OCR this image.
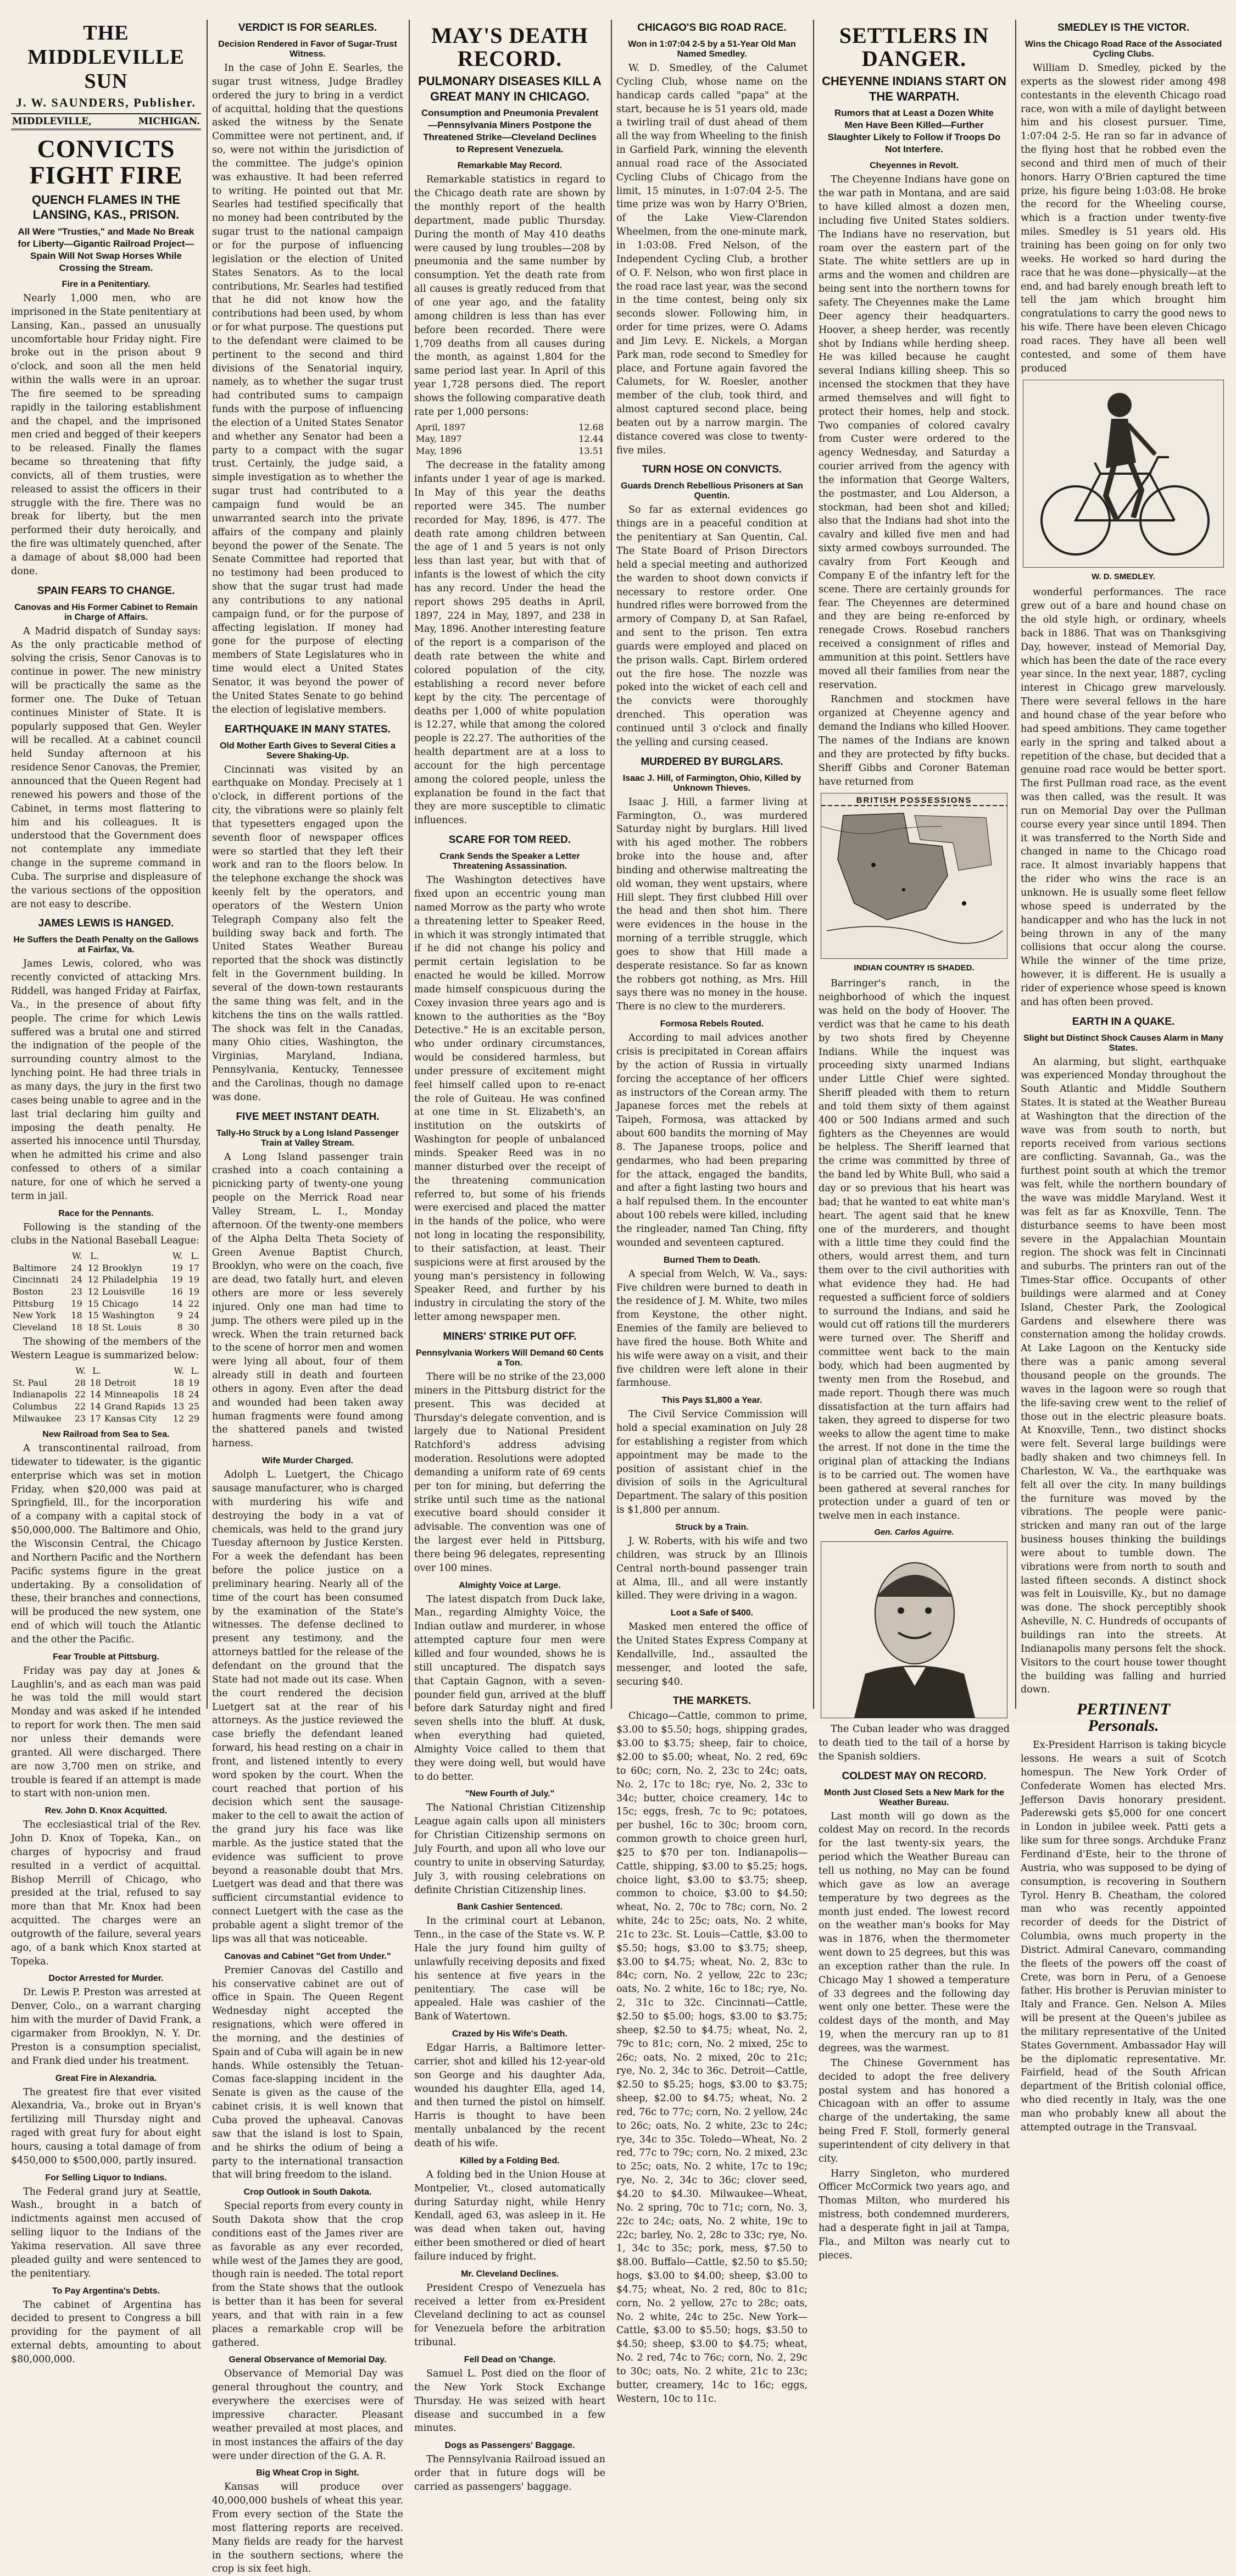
THE MIDDLEVILLE SUN
J. W. SAUNDERS, Publisher.
MIDDLEVILLE,	MICHIGAN.
CONVICTS FIGHT FIRE
QUENCH FLAMES IN THE LANSING, KAS., PRISON.
All Were "Trusties," and Made No Break for Liberty—Gigantic Railroad Project—Spain Will Not Swap Horses While Crossing the Stream.
Fire in a Penitentiary.

Nearly 1,000 men, who are imprisoned in the State penitentiary at Lansing, Kan., passed an unusually uncomfortable hour Friday night. Fire broke out in the prison about 9 o'clock, and soon all the men held within the walls were in an uproar. The fire seemed to be spreading rapidly in the tailoring establishment and the chapel, and the imprisoned men cried and begged of their keepers to be released. Finally the flames became so threatening that fifty convicts, all of them trusties, were released to assist the officers in their struggle with the fire. There was no break for liberty, but the men performed their duty heroically, and the fire was ultimately quenched, after a damage of about $8,000 had been done.

SPAIN FEARS TO CHANGE.
Canovas and His Former Cabinet to Remain in Charge of Affairs.

A Madrid dispatch of Sunday says: As the only practicable method of solving the crisis, Senor Canovas is to continue in power. The new ministry will be practically the same as the former one. The Duke of Tetuan continues Minister of State. It is popularly supposed that Gen. Weyler will be recalled. At a cabinet council held Sunday afternoon at his residence Senor Canovas, the Premier, announced that the Queen Regent had renewed his powers and those of the Cabinet, in terms most flattering to him and his colleagues. It is understood that the Government does not contemplate any immediate change in the supreme command in Cuba. The surprise and displeasure of the various sections of the opposition are not easy to describe.

JAMES LEWIS IS HANGED.
He Suffers the Death Penalty on the Gallows at Fairfax, Va.

James Lewis, colored, who was recently convicted of attacking Mrs. Riddell, was hanged Friday at Fairfax, Va., in the presence of about fifty people. The crime for which Lewis suffered was a brutal one and stirred the indignation of the people of the surrounding country almost to the lynching point. He had three trials in as many days, the jury in the first two cases being unable to agree and in the last trial declaring him guilty and imposing the death penalty. He asserted his innocence until Thursday, when he admitted his crime and also confessed to others of a similar nature, for one of which he served a term in jail.

Race for the Pennants.

Following is the standing of the clubs in the National Baseball League:

	W.	L.		W.	L.
Baltimore	24	12	Brooklyn	19	17
Cincinnati	24	12	Philadelphia	19	19
Boston	23	12	Louisville	16	19
Pittsburg	19	15	Chicago	14	22
New York	18	15	Washington	9	24
Cleveland	18	18	St. Louis	8	30

The showing of the members of the Western League is summarized below:

	W.	L.		W.	L.
St. Paul	28	18	Detroit	18	19
Indianapolis	22	14	Minneapolis	18	24
Columbus	22	14	Grand Rapids	13	25
Milwaukee	23	17	Kansas City	12	29
New Railroad from Sea to Sea.

A transcontinental railroad, from tidewater to tidewater, is the gigantic enterprise which was set in motion Friday, when $20,000 was paid at Springfield, Ill., for the incorporation of a company with a capital stock of $50,000,000. The Baltimore and Ohio, the Wisconsin Central, the Chicago and Northern Pacific and the Northern Pacific systems figure in the great undertaking. By a consolidation of these, their branches and connections, will be produced the new system, one end of which will touch the Atlantic and the other the Pacific.

Fear Trouble at Pittsburg.

Friday was pay day at Jones & Laughlin's, and as each man was paid he was told the mill would start Monday and was asked if he intended to report for work then. The men said nor unless their demands were granted. All were discharged. There are now 3,700 men on strike, and trouble is feared if an attempt is made to start with non-union men.

Rev. John D. Knox Acquitted.

The ecclesiastical trial of the Rev. John D. Knox of Topeka, Kan., on charges of hypocrisy and fraud resulted in a verdict of acquittal. Bishop Merrill of Chicago, who presided at the trial, refused to say more than that Mr. Knox had been acquitted. The charges were an outgrowth of the failure, several years ago, of a bank which Knox started at Topeka.

Doctor Arrested for Murder.

Dr. Lewis P. Preston was arrested at Denver, Colo., on a warrant charging him with the murder of David Frank, a cigarmaker from Brooklyn, N. Y. Dr. Preston is a consumption specialist, and Frank died under his treatment.

Great Fire in Alexandria.

The greatest fire that ever visited Alexandria, Va., broke out in Bryan's fertilizing mill Thursday night and raged with great fury for about eight hours, causing a total damage of from $450,000 to $500,000, partly insured.

For Selling Liquor to Indians.

The Federal grand jury at Seattle, Wash., brought in a batch of indictments against men accused of selling liquor to the Indians of the Yakima reservation. All save three pleaded guilty and were sentenced to the penitentiary.

To Pay Argentina's Debts.

The cabinet of Argentina has decided to present to Congress a bill providing for the payment of all external debts, amounting to about $80,000,000.

VERDICT IS FOR SEARLES.
Decision Rendered in Favor of Sugar-Trust Witness.

In the case of John E. Searles, the sugar trust witness, Judge Bradley ordered the jury to bring in a verdict of acquittal, holding that the questions asked the witness by the Senate Committee were not pertinent, and, if so, were not within the jurisdiction of the committee. The judge's opinion was exhaustive. It had been referred to writing. He pointed out that Mr. Searles had testified specifically that no money had been contributed by the sugar trust to the national campaign or for the purpose of influencing legislation or the election of United States Senators. As to the local contributions, Mr. Searles had testified that he did not know how the contributions had been used, by whom or for what purpose. The questions put to the defendant were claimed to be pertinent to the second and third divisions of the Senatorial inquiry, namely, as to whether the sugar trust had contributed sums to campaign funds with the purpose of influencing the election of a United States Senator and whether any Senator had been a party to a compact with the sugar trust. Certainly, the judge said, a simple investigation as to whether the sugar trust had contributed to a campaign fund would be an unwarranted search into the private affairs of the company and plainly beyond the power of the Senate. The Senate Committee had reported that no testimony had been produced to show that the sugar trust had made any contributions to any national campaign fund, or for the purpose of affecting legislation. If money had gone for the purpose of electing members of State Legislatures who in time would elect a United States Senator, it was beyond the power of the United States Senate to go behind the election of legislative members.

EARTHQUAKE IN MANY STATES.
Old Mother Earth Gives to Several Cities a Severe Shaking-Up.

Cincinnati was visited by an earthquake on Monday. Precisely at 1 o'clock, in different portions of the city, the vibrations were so plainly felt that typesetters engaged upon the seventh floor of newspaper offices were so startled that they left their work and ran to the floors below. In the telephone exchange the shock was keenly felt by the operators, and operators of the Western Union Telegraph Company also felt the building sway back and forth. The United States Weather Bureau reported that the shock was distinctly felt in the Government building. In several of the down-town restaurants the same thing was felt, and in the kitchens the tins on the walls rattled. The shock was felt in the Canadas, many Ohio cities, Washington, the Virginias, Maryland, Indiana, Pennsylvania, Kentucky, Tennessee and the Carolinas, though no damage was done.

FIVE MEET INSTANT DEATH.
Tally-Ho Struck by a Long Island Passenger Train at Valley Stream.

A Long Island passenger train crashed into a coach containing a picnicking party of twenty-one young people on the Merrick Road near Valley Stream, L. I., Monday afternoon. Of the twenty-one members of the Alpha Delta Theta Society of Green Avenue Baptist Church, Brooklyn, who were on the coach, five are dead, two fatally hurt, and eleven others are more or less severely injured. Only one man had time to jump. The others were piled up in the wreck. When the train returned back to the scene of horror men and women were lying all about, four of them already still in death and fourteen others in agony. Even after the dead and wounded had been taken away human fragments were found among the shattered panels and twisted harness.

Wife Murder Charged.

Adolph L. Luetgert, the Chicago sausage manufacturer, who is charged with murdering his wife and destroying the body in a vat of chemicals, was held to the grand jury Tuesday afternoon by Justice Kersten. For a week the defendant has been before the police justice on a preliminary hearing. Nearly all of the time of the court has been consumed by the examination of the State's witnesses. The defense declined to present any testimony, and the attorneys battled for the release of the defendant on the ground that the State had not made out its case. When the court rendered the decision Luetgert sat at the rear of his attorneys. As the justice reviewed the case briefly the defendant leaned forward, his head resting on a chair in front, and listened intently to every word spoken by the court. When the court reached that portion of his decision which sent the sausage-maker to the cell to await the action of the grand jury his face was like marble. As the justice stated that the evidence was sufficient to prove beyond a reasonable doubt that Mrs. Luetgert was dead and that there was sufficient circumstantial evidence to connect Luetgert with the case as the probable agent a slight tremor of the lips was all that was noticeable.

Canovas and Cabinet "Get from Under."

Premier Canovas del Castillo and his conservative cabinet are out of office in Spain. The Queen Regent Wednesday night accepted the resignations, which were offered in the morning, and the destinies of Spain and of Cuba will again be in new hands. While ostensibly the Tetuan-Comas face-slapping incident in the Senate is given as the cause of the cabinet crisis, it is well known that Cuba proved the upheaval. Canovas saw that the island is lost to Spain, and he shirks the odium of being a party to the international transaction that will bring freedom to the island.

Crop Outlook in South Dakota.

Special reports from every county in South Dakota show that the crop conditions east of the James river are as favorable as any ever recorded, while west of the James they are good, though rain is needed. The total report from the State shows that the outlook is better than it has been for several years, and that with rain in a few places a remarkable crop will be gathered.

General Observance of Memorial Day.

Observance of Memorial Day was general throughout the country, and everywhere the exercises were of impressive character. Pleasant weather prevailed at most places, and in most instances the affairs of the day were under direction of the G. A. R.

Big Wheat Crop in Sight.

Kansas will produce over 40,000,000 bushels of wheat this year. From every section of the State the most flattering reports are received. Many fields are ready for the harvest in the southern sections, where the crop is six feet high.

MAY'S DEATH RECORD.
PULMONARY DISEASES KILL A GREAT MANY IN CHICAGO.
Consumption and Pneumonia Prevalent—Pennsylvania Miners Postpone the Threatened Strike—Cleveland Declines to Represent Venezuela.
Remarkable May Record.

Remarkable statistics in regard to the Chicago death rate are shown by the monthly report of the health department, made public Thursday. During the month of May 410 deaths were caused by lung troubles—208 by pneumonia and the same number by consumption. Yet the death rate from all causes is greatly reduced from that of one year ago, and the fatality among children is less than has ever before been recorded. There were 1,709 deaths from all causes during the month, as against 1,804 for the same period last year. In April of this year 1,728 persons died. The report shows the following comparative death rate per 1,000 persons:

April, 1897	12.68
May, 1897	12.44
May, 1896	13.51

The decrease in the fatality among infants under 1 year of age is marked. In May of this year the deaths reported were 345. The number recorded for May, 1896, is 477. The death rate among children between the age of 1 and 5 years is not only less than last year, but with that of infants is the lowest of which the city has any record. Under the head the report shows 295 deaths in April, 1897, 224 in May, 1897, and 238 in May, 1896. Another interesting feature of the report is a comparison of the death rate between the white and colored population of the city, establishing a record never before kept by the city. The percentage of deaths per 1,000 of white population is 12.27, while that among the colored people is 22.27. The authorities of the health department are at a loss to account for the high percentage among the colored people, unless the explanation be found in the fact that they are more susceptible to climatic influences.

SCARE FOR TOM REED.
Crank Sends the Speaker a Letter Threatening Assassination.

The Washington detectives have fixed upon an eccentric young man named Morrow as the party who wrote a threatening letter to Speaker Reed, in which it was strongly intimated that if he did not change his policy and permit certain legislation to be enacted he would be killed. Morrow made himself conspicuous during the Coxey invasion three years ago and is known to the authorities as the "Boy Detective." He is an excitable person, who under ordinary circumstances, would be considered harmless, but under pressure of excitement might feel himself called upon to re-enact the role of Guiteau. He was confined at one time in St. Elizabeth's, an institution on the outskirts of Washington for people of unbalanced minds. Speaker Reed was in no manner disturbed over the receipt of the threatening communication referred to, but some of his friends were exercised and placed the matter in the hands of the police, who were not long in locating the responsibility, to their satisfaction, at least. Their suspicions were at first aroused by the young man's persistency in following Speaker Reed, and further by his industry in circulating the story of the letter among newspaper men.

MINERS' STRIKE PUT OFF.
Pennsylvania Workers Will Demand 60 Cents a Ton.

There will be no strike of the 23,000 miners in the Pittsburg district for the present. This was decided at Thursday's delegate convention, and is largely due to National President Ratchford's address advising moderation. Resolutions were adopted demanding a uniform rate of 69 cents per ton for mining, but deferring the strike until such time as the national executive board should consider it advisable. The convention was one of the largest ever held in Pittsburg, there being 96 delegates, representing over 100 mines.

Almighty Voice at Large.

The latest dispatch from Duck lake, Man., regarding Almighty Voice, the Indian outlaw and murderer, in whose attempted capture four men were killed and four wounded, shows he is still uncaptured. The dispatch says that Captain Gagnon, with a seven-pounder field gun, arrived at the bluff before dark Saturday night and fired seven shells into the bluff. At dusk, when everything had quieted, Almighty Voice called to them that they were doing well, but would have to do better.

"New Fourth of July."

The National Christian Citizenship League again calls upon all ministers for Christian Citizenship sermons on July Fourth, and upon all who love our country to unite in observing Saturday, July 3, with rousing celebrations on definite Christian Citizenship lines.

Bank Cashier Sentenced.

In the criminal court at Lebanon, Tenn., in the case of the State vs. W. P. Hale the jury found him guilty of unlawfully receiving deposits and fixed his sentence at five years in the penitentiary. The case will be appealed. Hale was cashier of the Bank of Watertown.

Crazed by His Wife's Death.

Edgar Harris, a Baltimore letter-carrier, shot and killed his 12-year-old son George and his daughter Ada, wounded his daughter Ella, aged 14, and then turned the pistol on himself. Harris is thought to have been mentally unbalanced by the recent death of his wife.

Killed by a Folding Bed.

A folding bed in the Union House at Montpelier, Vt., closed automatically during Saturday night, while Henry Kendall, aged 63, was asleep in it. He was dead when taken out, having either been smothered or died of heart failure induced by fright.

Mr. Cleveland Declines.

President Crespo of Venezuela has received a letter from ex-President Cleveland declining to act as counsel for Venezuela before the arbitration tribunal.

Fell Dead on 'Change.

Samuel L. Post died on the floor of the New York Stock Exchange Thursday. He was seized with heart disease and succumbed in a few minutes.

Dogs as Passengers' Baggage.

The Pennsylvania Railroad issued an order that in future dogs will be carried as passengers' baggage.

CHICAGO'S BIG ROAD RACE.
Won in 1:07:04 2-5 by a 51-Year Old Man Named Smedley.

W. D. Smedley, of the Calumet Cycling Club, whose name on the handicap cards called "papa" at the start, because he is 51 years old, made a twirling trail of dust ahead of them all the way from Wheeling to the finish in Garfield Park, winning the eleventh annual road race of the Associated Cycling Clubs of Chicago from the limit, 15 minutes, in 1:07:04 2-5. The time prize was won by Harry O'Brien, of the Lake View-Clarendon Wheelmen, from the one-minute mark, in 1:03:08. Fred Nelson, of the Independent Cycling Club, a brother of O. F. Nelson, who won first place in the road race last year, was the second in the time contest, being only six seconds slower. Following him, in order for time prizes, were O. Adams and Jim Levy. E. Nickels, a Morgan Park man, rode second to Smedley for place, and Fortune again favored the Calumets, for W. Roesler, another member of the club, took third, and almost captured second place, being beaten out by a narrow margin. The distance covered was close to twenty-five miles.

TURN HOSE ON CONVICTS.
Guards Drench Rebellious Prisoners at San Quentin.

So far as external evidences go things are in a peaceful condition at the penitentiary at San Quentin, Cal. The State Board of Prison Directors held a special meeting and authorized the warden to shoot down convicts if necessary to restore order. One hundred rifles were borrowed from the armory of Company D, at San Rafael, and sent to the prison. Ten extra guards were employed and placed on the prison walls. Capt. Birlem ordered out the fire hose. The nozzle was poked into the wicket of each cell and the convicts were thoroughly drenched. This operation was continued until 3 o'clock and finally the yelling and cursing ceased.

MURDERED BY BURGLARS.
Isaac J. Hill, of Farmington, Ohio, Killed by Unknown Thieves.

Isaac J. Hill, a farmer living at Farmington, O., was murdered Saturday night by burglars. Hill lived with his aged mother. The robbers broke into the house and, after binding and otherwise maltreating the old woman, they went upstairs, where Hill slept. They first clubbed Hill over the head and then shot him. There were evidences in the house in the morning of a terrible struggle, which goes to show that Hill made a desperate resistance. So far as known the robbers got nothing, as Mrs. Hill says there was no money in the house. There is no clew to the murderers.

Formosa Rebels Routed.

According to mail advices another crisis is precipitated in Corean affairs by the action of Russia in virtually forcing the acceptance of her officers as instructors of the Corean army. The Japanese forces met the rebels at Taipeh, Formosa, was attacked by about 600 bandits the morning of May 8. The Japanese troops, police and gendarmes, who had been preparing for the attack, engaged the bandits, and after a fight lasting two hours and a half repulsed them. In the encounter about 100 rebels were killed, including the ringleader, named Tan Ching, fifty wounded and seventeen captured.

Burned Them to Death.

A special from Welch, W. Va., says: Five children were burned to death in the residence of J. M. White, two miles from Keystone, the other night. Enemies of the family are believed to have fired the house. Both White and his wife were away on a visit, and their five children were left alone in their farmhouse.

This Pays $1,800 a Year.

The Civil Service Commission will hold a special examination on July 28 for establishing a register from which appointment may be made to the position of assistant chief in the division of soils in the Agricultural Department. The salary of this position is $1,800 per annum.

Struck by a Train.

J. W. Roberts, with his wife and two children, was struck by an Illinois Central north-bound passenger train at Alma, Ill., and all were instantly killed. They were driving in a wagon.

Loot a Safe of $400.

Masked men entered the office of the United States Express Company at Kendallville, Ind., assaulted the messenger, and looted the safe, securing $40.

THE MARKETS.

Chicago—Cattle, common to prime, $3.00 to $5.50; hogs, shipping grades, $3.00 to $3.75; sheep, fair to choice, $2.00 to $5.00; wheat, No. 2 red, 69c to 60c; corn, No. 2, 23c to 24c; oats, No. 2, 17c to 18c; rye, No. 2, 33c to 34c; butter, choice creamery, 14c to 15c; eggs, fresh, 7c to 9c; potatoes, per bushel, 16c to 30c; broom corn, common growth to choice green hurl, $25 to $70 per ton. Indianapolis—Cattle, shipping, $3.00 to $5.25; hogs, choice light, $3.00 to $3.75; sheep, common to choice, $3.00 to $4.50; wheat, No. 2, 70c to 78c; corn, No. 2 white, 24c to 25c; oats, No. 2 white, 21c to 23c. St. Louis—Cattle, $3.00 to $5.50; hogs, $3.00 to $3.75; sheep, $3.00 to $4.75; wheat, No. 2, 83c to 84c; corn, No. 2 yellow, 22c to 23c; oats, No. 2 white, 16c to 18c; rye, No. 2, 31c to 32c. Cincinnati—Cattle, $2.50 to $5.00; hogs, $3.00 to $3.75; sheep, $2.50 to $4.75; wheat, No. 2, 79c to 81c; corn, No. 2 mixed, 25c to 26c; oats, No. 2 mixed, 20c to 21c; rye, No. 2, 34c to 36c. Detroit—Cattle, $2.50 to $5.25; hogs, $3.00 to $3.75; sheep, $2.00 to $4.75; wheat, No. 2 red, 76c to 77c; corn, No. 2 yellow, 24c to 26c; oats, No. 2 white, 23c to 24c; rye, 34c to 35c. Toledo—Wheat, No. 2 red, 77c to 79c; corn, No. 2 mixed, 23c to 25c; oats, No. 2 white, 17c to 19c; rye, No. 2, 34c to 36c; clover seed, $4.20 to $4.30. Milwaukee—Wheat, No. 2 spring, 70c to 71c; corn, No. 3, 22c to 24c; oats, No. 2 white, 19c to 22c; barley, No. 2, 28c to 33c; rye, No. 1, 34c to 35c; pork, mess, $7.50 to $8.00. Buffalo—Cattle, $2.50 to $5.50; hogs, $3.00 to $4.00; sheep, $3.00 to $4.75; wheat, No. 2 red, 80c to 81c; corn, No. 2 yellow, 27c to 28c; oats, No. 2 white, 24c to 25c. New York—Cattle, $3.00 to $5.50; hogs, $3.50 to $4.50; sheep, $3.00 to $4.75; wheat, No. 2 red, 74c to 76c; corn, No. 2, 29c to 30c; oats, No. 2 white, 21c to 23c; butter, creamery, 14c to 16c; eggs, Western, 10c to 11c.

SETTLERS IN DANGER.
CHEYENNE INDIANS START ON THE WARPATH.
Rumors that at Least a Dozen White Men Have Been Killed—Further Slaughter Likely to Follow if Troops Do Not Interfere.
Cheyennes in Revolt.

The Cheyenne Indians have gone on the war path in Montana, and are said to have killed almost a dozen men, including five United States soldiers. The Indians have no reservation, but roam over the eastern part of the State. The white settlers are up in arms and the women and children are being sent into the northern towns for safety. The Cheyennes make the Lame Deer agency their headquarters. Hoover, a sheep herder, was recently shot by Indians while herding sheep. He was killed because he caught several Indians killing sheep. This so incensed the stockmen that they have armed themselves and will fight to protect their homes, help and stock. Two companies of colored cavalry from Custer were ordered to the agency Wednesday, and Saturday a courier arrived from the agency with the information that George Walters, the postmaster, and Lou Alderson, a stockman, had been shot and killed; also that the Indians had shot into the cavalry and killed five men and had sixty armed cowboys surrounded. The cavalry from Fort Keough and Company E of the infantry left for the scene. There are certainly grounds for fear. The Cheyennes are determined and they are being re-enforced by renegade Crows. Rosebud ranchers received a consignment of rifles and ammunition at this point. Settlers have moved all their families from near the reservation.

Ranchmen and stockmen have organized at Cheyenne agency and demand the Indians who killed Hoover. The names of the Indians are known and they are protected by fifty bucks. Sheriff Gibbs and Coroner Bateman have returned from

BRITISH POSSESSIONS
INDIAN COUNTRY IS SHADED.

Barringer's ranch, in the neighborhood of which the inquest was held on the body of Hoover. The verdict was that he came to his death by two shots fired by Cheyenne Indians. While the inquest was proceeding sixty unarmed Indians under Little Chief were sighted. Sheriff pleaded with them to return and told them sixty of them against 400 or 500 Indians armed and such fighters as the Cheyennes are would be helpless. The Sheriff learned that the crime was committed by three of the band led by White Bull, who said a day or so previous that his heart was bad; that he wanted to eat white man's heart. The agent said that he knew one of the murderers, and thought with a little time they could find the others, would arrest them, and turn them over to the civil authorities with what evidence they had. He had requested a sufficient force of soldiers to surround the Indians, and said he would cut off rations till the murderers were turned over. The Sheriff and committee went back to the main body, which had been augmented by twenty men from the Rosebud, and made report. Though there was much dissatisfaction at the turn affairs had taken, they agreed to disperse for two weeks to allow the agent time to make the arrest. If not done in the time the original plan of attacking the Indians is to be carried out. The women have been gathered at several ranches for protection under a guard of ten or twelve men in each instance.

Gen. Carlos Aguirre.

The Cuban leader who was dragged to death tied to the tail of a horse by the Spanish soldiers.

COLDEST MAY ON RECORD.
Month Just Closed Sets a New Mark for the Weather Bureau.

Last month will go down as the coldest May on record. In the records for the last twenty-six years, the period which the Weather Bureau can tell us nothing, no May can be found which gave as low an average temperature by two degrees as the month just ended. The lowest record on the weather man's books for May was in 1876, when the thermometer went down to 25 degrees, but this was an exception rather than the rule. In Chicago May 1 showed a temperature of 33 degrees and the following day went only one better. These were the coldest days of the month, and May 19, when the mercury ran up to 81 degrees, was the warmest.

The Chinese Government has decided to adopt the free delivery postal system and has honored a Chicagoan with an offer to assume charge of the undertaking, the same being Fred F. Stoll, formerly general superintendent of city delivery in that city.

Harry Singleton, who murdered Officer McCormick two years ago, and Thomas Milton, who murdered his mistress, both condemned murderers, had a desperate fight in jail at Tampa, Fla., and Milton was nearly cut to pieces.

SMEDLEY IS THE VICTOR.
Wins the Chicago Road Race of the Associated Cycling Clubs.

William D. Smedley, picked by the experts as the slowest rider among 498 contestants in the eleventh Chicago road race, won with a mile of daylight between him and his closest pursuer. Time, 1:07:04 2-5. He ran so far in advance of the flying host that he robbed even the second and third men of much of their honors. Harry O'Brien captured the time prize, his figure being 1:03:08. He broke the record for the Wheeling course, which is a fraction under twenty-five miles. Smedley is 51 years old. His training has been going on for only two weeks. He worked so hard during the race that he was done—physically—at the end, and had barely enough breath left to tell the jam which brought him congratulations to carry the good news to his wife. There have been eleven Chicago road races. They have all been well contested, and some of them have produced

W. D. SMEDLEY.

wonderful performances. The race grew out of a bare and hound chase on the old style high, or ordinary, wheels back in 1886. That was on Thanksgiving Day, however, instead of Memorial Day, which has been the date of the race every year since. In the next year, 1887, cycling interest in Chicago grew marvelously. There were several fellows in the hare and hound chase of the year before who had speed ambitions. They came together early in the spring and talked about a repetition of the chase, but decided that a genuine road race would be better sport. The first Pullman road race, as the event was then called, was the result. It was run on Memorial Day over the Pullman course every year since until 1894. Then it was transferred to the North Side and changed in name to the Chicago road race. It almost invariably happens that the rider who wins the race is an unknown. He is usually some fleet fellow whose speed is underrated by the handicapper and who has the luck in not being thrown in any of the many collisions that occur along the course. While the winner of the time prize, however, it is different. He is usually a rider of experience whose speed is known and has often been proved.

EARTH IN A QUAKE.
Slight but Distinct Shock Causes Alarm in Many States.

An alarming, but slight, earthquake was experienced Monday throughout the South Atlantic and Middle Southern States. It is stated at the Weather Bureau at Washington that the direction of the wave was from south to north, but reports received from various sections are conflicting. Savannah, Ga., was the furthest point south at which the tremor was felt, while the northern boundary of the wave was middle Maryland. West it was felt as far as Knoxville, Tenn. The disturbance seems to have been most severe in the Appalachian Mountain region. The shock was felt in Cincinnati and suburbs. The printers ran out of the Times-Star office. Occupants of other buildings were alarmed and at Coney Island, Chester Park, the Zoological Gardens and elsewhere there was consternation among the holiday crowds. At Lake Lagoon on the Kentucky side there was a panic among several thousand people on the grounds. The waves in the lagoon were so rough that the life-saving crew went to the relief of those out in the electric pleasure boats. At Knoxville, Tenn., two distinct shocks were felt. Several large buildings were badly shaken and two chimneys fell. In Charleston, W. Va., the earthquake was felt all over the city. In many buildings the furniture was moved by the vibrations. The people were panic-stricken and many ran out of the large business houses thinking the buildings were about to tumble down. The vibrations were from north to south and lasted fifteen seconds. A distinct shock was felt in Louisville, Ky., but no damage was done. The shock perceptibly shook Asheville, N. C. Hundreds of occupants of buildings ran into the streets. At Indianapolis many persons felt the shock. Visitors to the court house tower thought the building was falling and hurried down.

PERTINENT
Personals.

Ex-President Harrison is taking bicycle lessons. He wears a suit of Scotch homespun. The New York Order of Confederate Women has elected Mrs. Jefferson Davis honorary president. Paderewski gets $5,000 for one concert in London in jubilee week. Patti gets a like sum for three songs. Archduke Franz Ferdinand d'Este, heir to the throne of Austria, who was supposed to be dying of consumption, is recovering in Southern Tyrol. Henry B. Cheatham, the colored man who was recently appointed recorder of deeds for the District of Columbia, owns much property in the District. Admiral Canevaro, commanding the fleets of the powers off the coast of Crete, was born in Peru, of a Genoese father. His brother is Peruvian minister to Italy and France. Gen. Nelson A. Miles will be present at the Queen's jubilee as the military representative of the United States Government. Ambassador Hay will be the diplomatic representative. Mr. Fairfield, head of the South African department of the British colonial office, who died recently in Italy, was the one man who probably knew all about the attempted outrage in the Transvaal.
